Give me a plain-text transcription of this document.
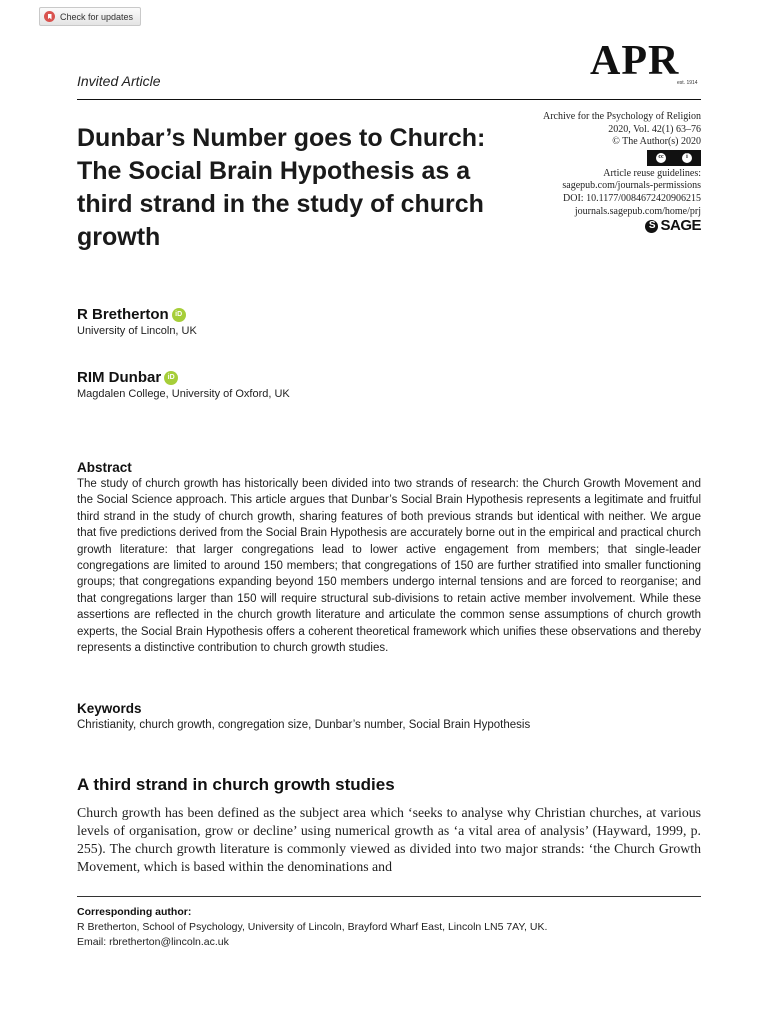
Check for updates
Invited Article	APR
est. 1914
Dunbar’s Number goes to Church: The Social Brain Hypothesis as a third strand in the study of church growth
Archive for the Psychology of Religion
2020, Vol. 42(1) 63–76
© The Author(s) 2020
cc	i
Article reuse guidelines:
sagepub.com/journals-permissions
DOI: 10.1177/0084672420906215
journals.sagepub.com/home/prj
S SAGE
R Bretherton iD
University of Lincoln, UK
RIM Dunbar iD
Magdalen College, University of Oxford, UK
Abstract
The study of church growth has historically been divided into two strands of research: the Church Growth Movement and the Social Science approach. This article argues that Dunbar’s Social Brain Hypothesis represents a legitimate and fruitful third strand in the study of church growth, sharing features of both previous strands but identical with neither. We argue that five predictions derived from the Social Brain Hypothesis are accurately borne out in the empirical and practical church growth literature: that larger congregations lead to lower active engagement from members; that single-leader congregations are limited to around 150 members; that congregations of 150 are further stratified into smaller functioning groups; that congregations expanding beyond 150 members undergo internal tensions and are forced to reorganise; and that congregations larger than 150 will require structural sub-divisions to retain active member involvement. While these assertions are reflected in the church growth literature and articulate the common sense assumptions of church growth experts, the Social Brain Hypothesis offers a coherent theoretical framework which unifies these observations and thereby represents a distinctive contribution to church growth studies.
Keywords
Christianity, church growth, congregation size, Dunbar’s number, Social Brain Hypothesis
A third strand in church growth studies
Church growth has been defined as the subject area which ‘seeks to analyse why Christian churches, at various levels of organisation, grow or decline’ using numerical growth as ‘a vital area of analysis’ (Hayward, 1999, p. 255). The church growth literature is commonly viewed as divided into two major strands: ‘the Church Growth Movement, which is based within the denominations and
Corresponding author:
R Bretherton, School of Psychology, University of Lincoln, Brayford Wharf East, Lincoln LN5 7AY, UK.
Email: rbretherton@lincoln.ac.uk
